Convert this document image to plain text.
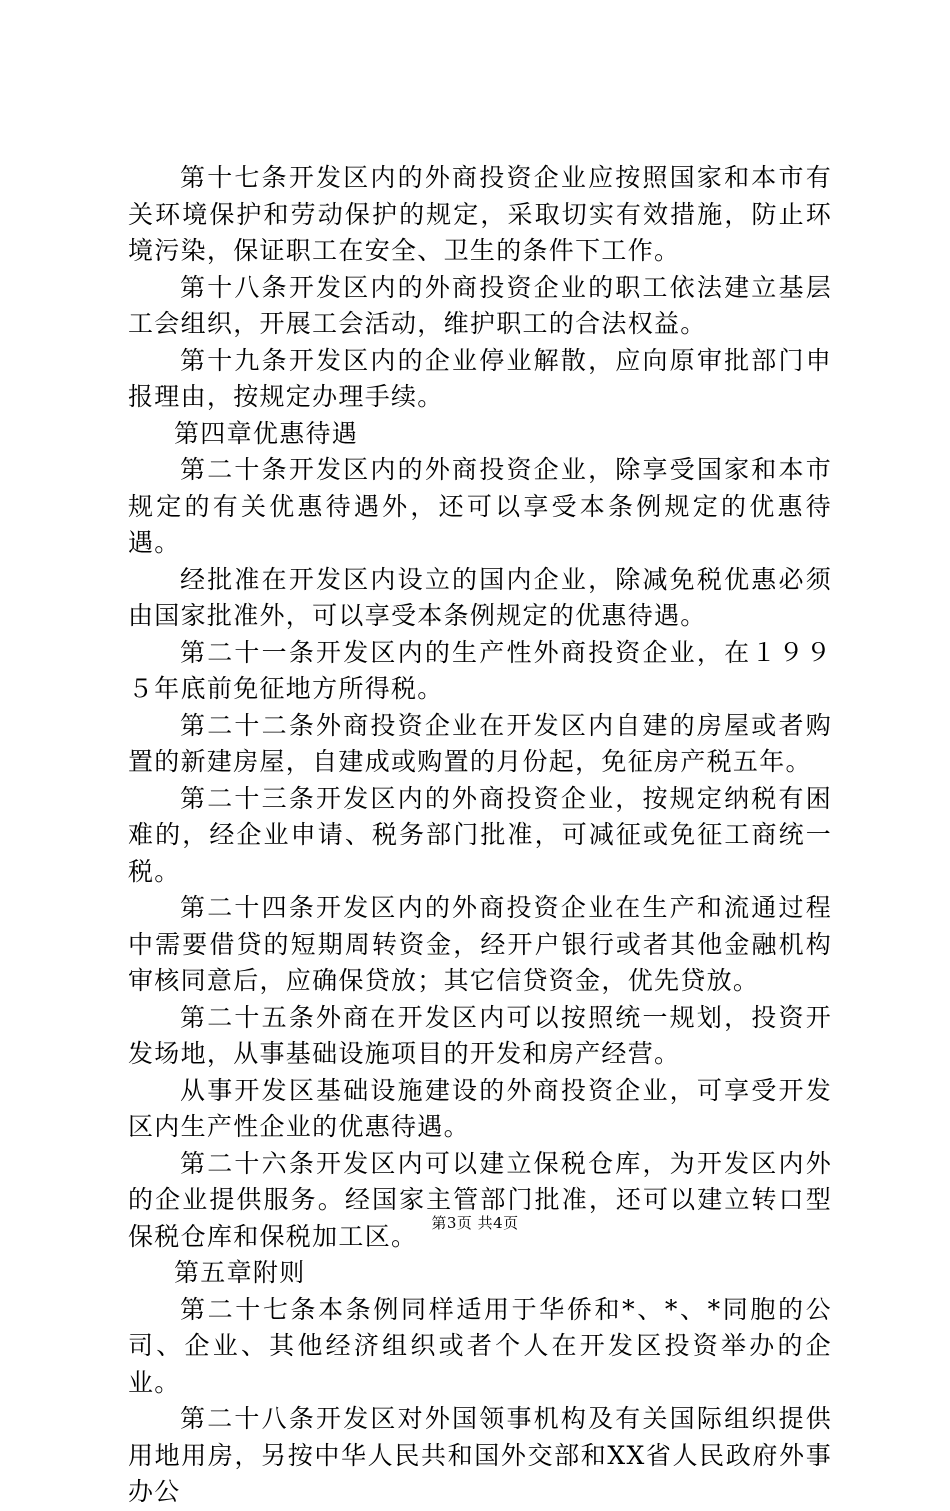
第十七条开发区内的外商投资企业应按照国家和本市有关环境保护和劳动保护的规定，采取切实有效措施，防止环境污染，保证职工在安全、卫生的条件下工作。

第十八条开发区内的外商投资企业的职工依法建立基层工会组织，开展工会活动，维护职工的合法权益。

第十九条开发区内的企业停业解散，应向原审批部门申报理由，按规定办理手续。

第四章优惠待遇

第二十条开发区内的外商投资企业，除享受国家和本市规定的有关优惠待遇外，还可以享受本条例规定的优惠待遇。

经批准在开发区内设立的国内企业，除减免税优惠必须由国家批准外，可以享受本条例规定的优惠待遇。

第二十一条开发区内的生产性外商投资企业，在１９９５年底前免征地方所得税。

第二十二条外商投资企业在开发区内自建的房屋或者购置的新建房屋，自建成或购置的月份起，免征房产税五年。

第二十三条开发区内的外商投资企业，按规定纳税有困难的，经企业申请、税务部门批准，可减征或免征工商统一税。

第二十四条开发区内的外商投资企业在生产和流通过程中需要借贷的短期周转资金，经开户银行或者其他金融机构审核同意后，应确保贷放；其它信贷资金，优先贷放。

第二十五条外商在开发区内可以按照统一规划，投资开发场地，从事基础设施项目的开发和房产经营。

从事开发区基础设施建设的外商投资企业，可享受开发区内生产性企业的优惠待遇。

第二十六条开发区内可以建立保税仓库，为开发区内外的企业提供服务。经国家主管部门批准，还可以建立转口型保税仓库和保税加工区。

第五章附则

第二十七条本条例同样适用于华侨和*、*、*同胞的公司、企业、其他经济组织或者个人在开发区投资举办的企业。

第二十八条开发区对外国领事机构及有关国际组织提供用地用房，另按中华人民共和国外交部和XX省人民政府外事办公

第3页 共4页
